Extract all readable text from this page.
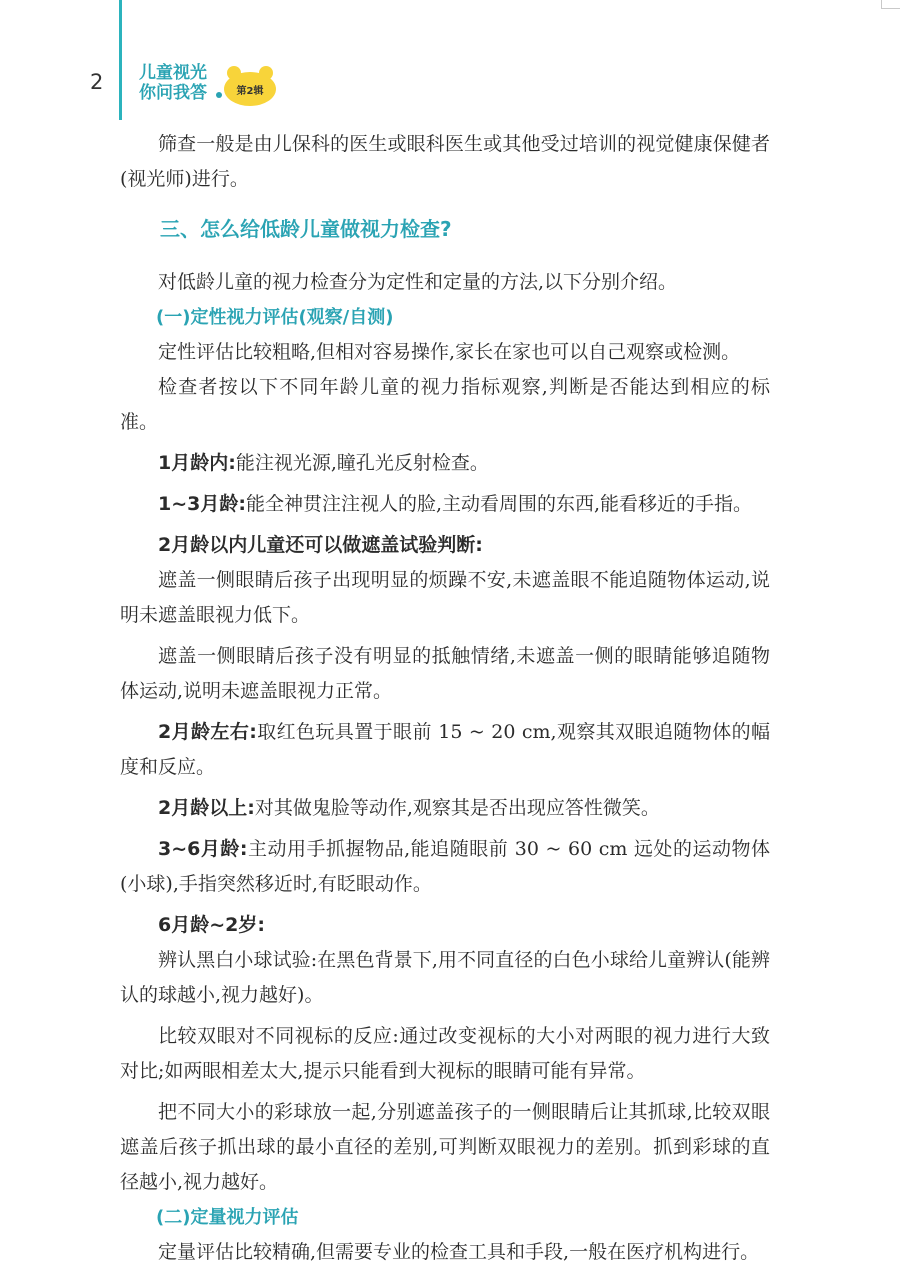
2 儿童视光
你问我答	第2辑

筛查一般是由儿保科的医生或眼科医生或其他受过培训的视觉健康保健者(视光师)进行。

三、怎么给低龄儿童做视力检查?

对低龄儿童的视力检查分为定性和定量的方法,以下分别介绍。

(一)定性视力评估(观察/自测)

定性评估比较粗略,但相对容易操作,家长在家也可以自己观察或检测。

检查者按以下不同年龄儿童的视力指标观察,判断是否能达到相应的标准。

1月龄内:能注视光源,瞳孔光反射检查。

1~3月龄:能全神贯注注视人的脸,主动看周围的东西,能看移近的手指。

2月龄以内儿童还可以做遮盖试验判断:

遮盖一侧眼睛后孩子出现明显的烦躁不安,未遮盖眼不能追随物体运动,说明未遮盖眼视力低下。

遮盖一侧眼睛后孩子没有明显的抵触情绪,未遮盖一侧的眼睛能够追随物体运动,说明未遮盖眼视力正常。

2月龄左右:取红色玩具置于眼前 15 ~ 20 cm,观察其双眼追随物体的幅度和反应。

2月龄以上:对其做鬼脸等动作,观察其是否出现应答性微笑。

3~6月龄:主动用手抓握物品,能追随眼前 30 ~ 60 cm 远处的运动物体(小球),手指突然移近时,有眨眼动作。

6月龄~2岁:

辨认黑白小球试验:在黑色背景下,用不同直径的白色小球给儿童辨认(能辨认的球越小,视力越好)。

比较双眼对不同视标的反应:通过改变视标的大小对两眼的视力进行大致对比;如两眼相差太大,提示只能看到大视标的眼睛可能有异常。

把不同大小的彩球放一起,分别遮盖孩子的一侧眼睛后让其抓球,比较双眼遮盖后孩子抓出球的最小直径的差别,可判断双眼视力的差别。抓到彩球的直径越小,视力越好。

(二)定量视力评估

定量评估比较精确,但需要专业的检查工具和手段,一般在医疗机构进行。
